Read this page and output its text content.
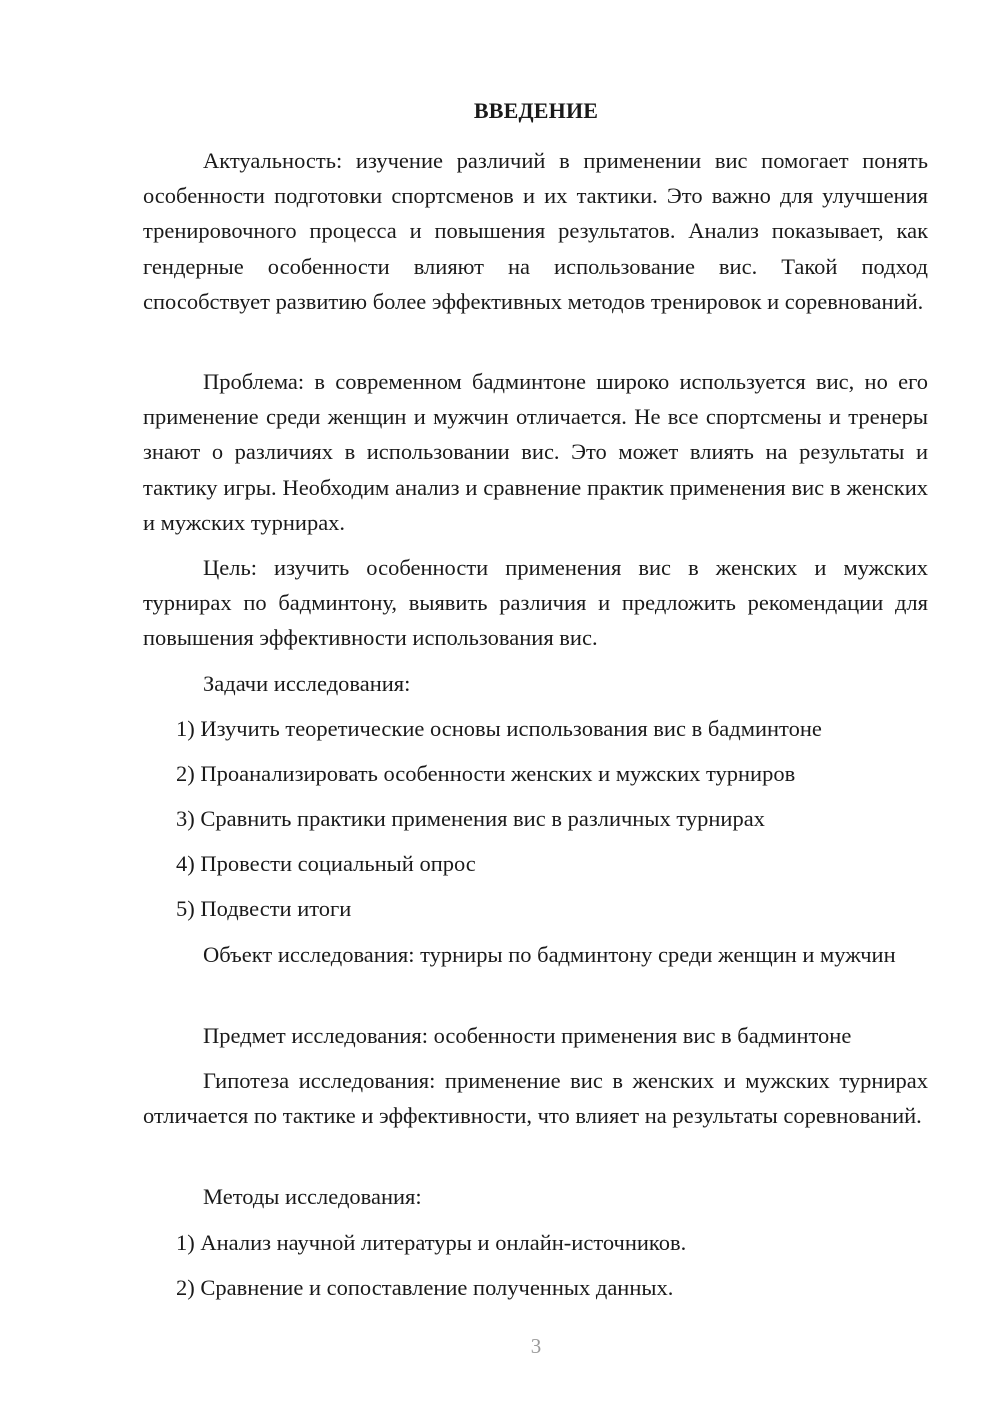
ВВЕДЕНИЕ

Актуальность: изучение различий в применении вис помогает понять особенности подготовки спортсменов и их тактики. Это важно для улучшения тренировочного процесса и повышения результатов. Анализ показывает, как гендерные особенности влияют на использование вис. Такой подход способствует развитию более эффективных методов тренировок и соревнований.

Проблема: в современном бадминтоне широко используется вис, но его применение среди женщин и мужчин отличается. Не все спортсмены и тренеры знают о различиях в использовании вис. Это может влиять на результаты и тактику игры. Необходим анализ и сравнение практик применения вис в женских и мужских турнирах.

Цель: изучить особенности применения вис в женских и мужских турнирах по бадминтону, выявить различия и предложить рекомендации для повышения эффективности использования вис.

Задачи исследования:

1) Изучить теоретические основы использования вис в бадминтоне

2) Проанализировать особенности женских и мужских турниров

3) Сравнить практики применения вис в различных турнирах

4) Провести социальный опрос

5) Подвести итоги

Объект исследования: турниры по бадминтону среди женщин и мужчин

Предмет исследования: особенности применения вис в бадминтоне

Гипотеза исследования: применение вис в женских и мужских турнирах отличается по тактике и эффективности, что влияет на результаты соревнований.

Методы исследования:

1) Анализ научной литературы и онлайн-источников.

2) Сравнение и сопоставление полученных данных.

3
